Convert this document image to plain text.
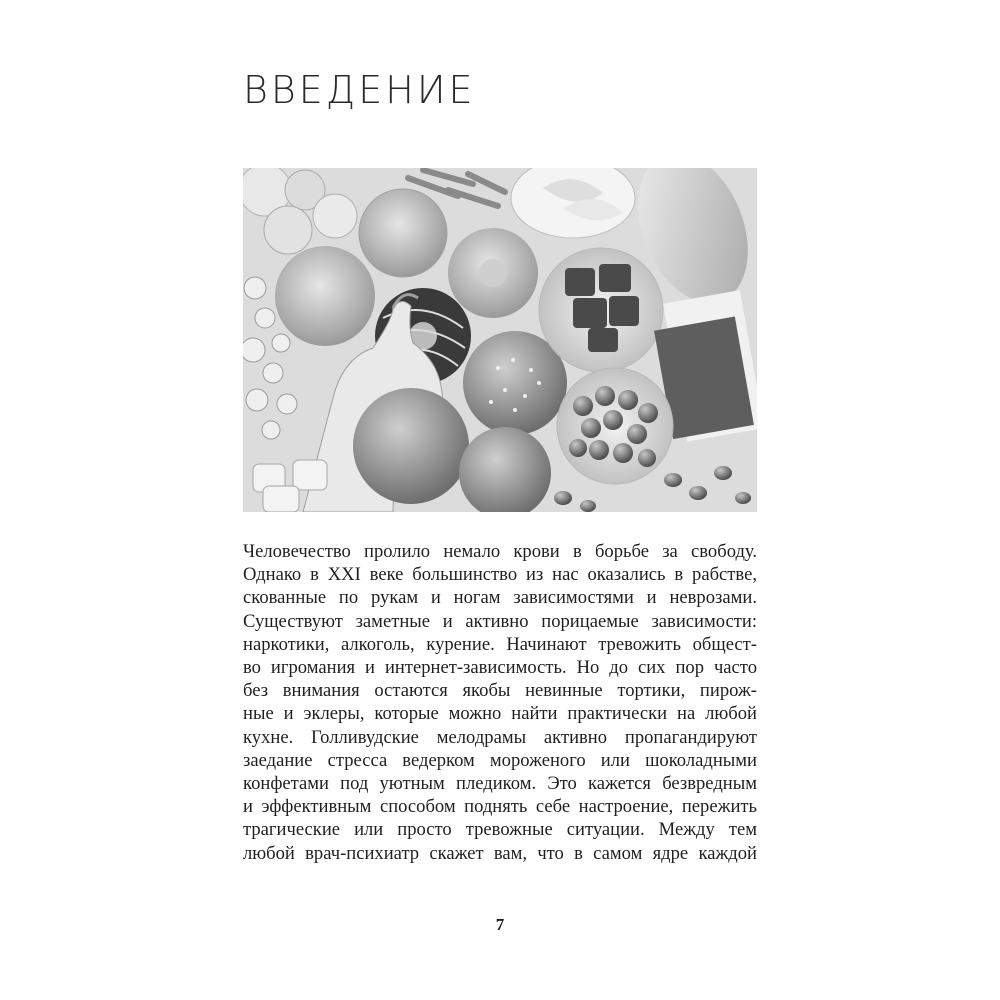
ВВЕДЕНИЕ
Человечество пролило немало крови в борьбе за свободу.
Однако в XXI веке большинство из нас оказались в рабстве,
скованные по рукам и ногам зависимостями и неврозами.
Существуют заметные и активно порицаемые зависимости:
наркотики, алкоголь, курение. Начинают тревожить общест-
во игромания и интернет-зависимость. Но до сих пор часто
без внимания остаются якобы невинные тортики, пирож-
ные и эклеры, которые можно найти практически на любой
кухне. Голливудские мелодрамы активно пропагандируют
заедание стресса ведерком мороженого или шоколадными
конфетами под уютным пледиком. Это кажется безвредным
и эффективным способом поднять себе настроение, пережить
трагические или просто тревожные ситуации. Между тем
любой врач-психиатр скажет вам, что в самом ядре каждой
7
